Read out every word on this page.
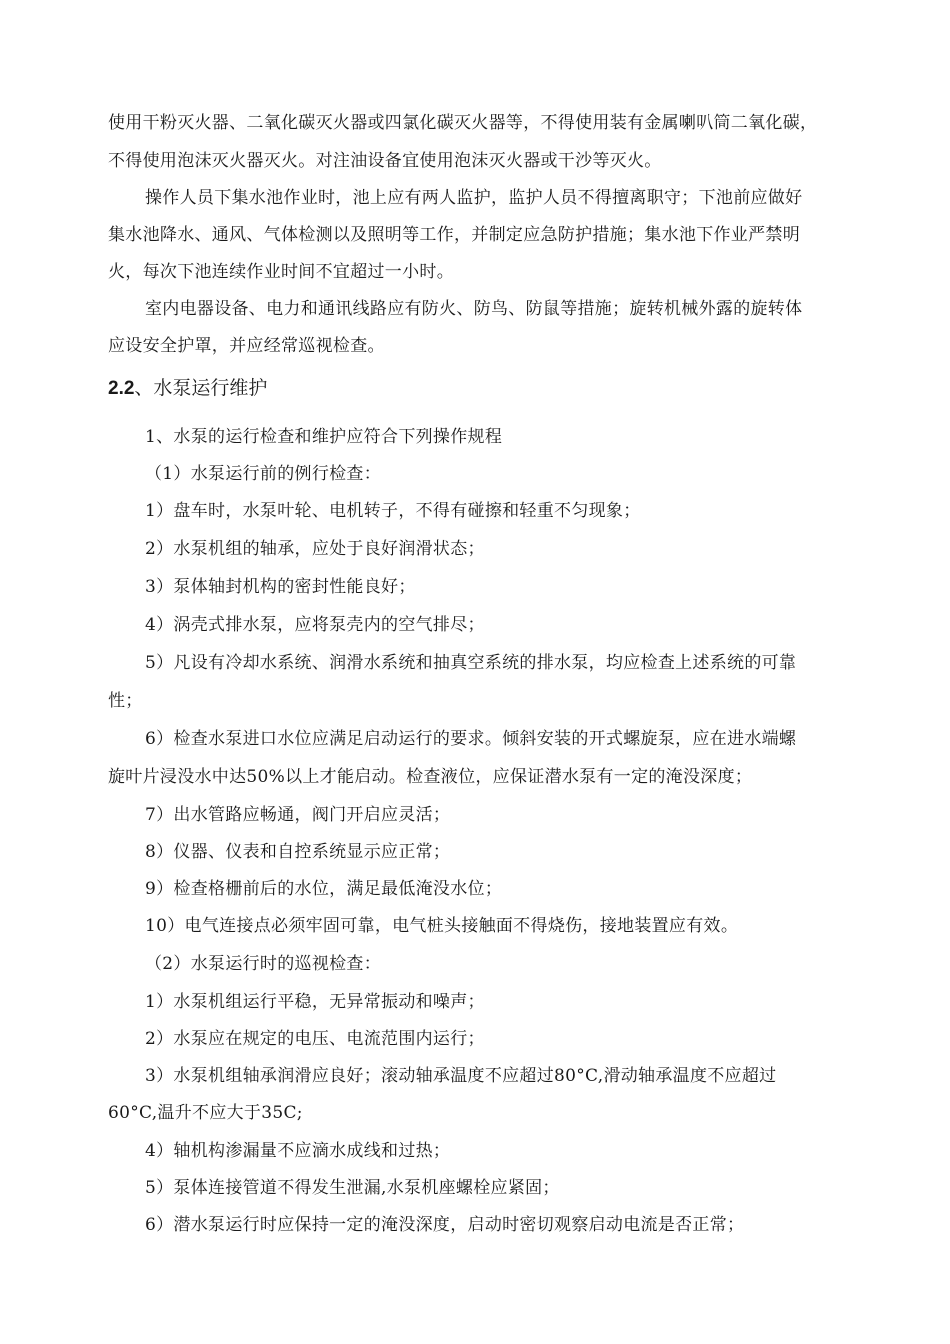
使用干粉灭火器、二氧化碳灭火器或四氯化碳灭火器等，不得使用装有金属喇叭筒二氧化碳，
不得使用泡沫灭火器灭火。对注油设备宜使用泡沫灭火器或干沙等灭火。
操作人员下集水池作业时，池上应有两人监护，监护人员不得擅离职守；下池前应做好
集水池降水、通风、气体检测以及照明等工作，并制定应急防护措施；集水池下作业严禁明
火，每次下池连续作业时间不宜超过一小时。
室内电器设备、电力和通讯线路应有防火、防鸟、防鼠等措施；旋转机械外露的旋转体
应设安全护罩，并应经常巡视检查。
2.2、水泵运行维护
1、水泵的运行检查和维护应符合下列操作规程
（1）水泵运行前的例行检查：
1）盘车时，水泵叶轮、电机转子，不得有碰擦和轻重不匀现象；
2）水泵机组的轴承，应处于良好润滑状态；
3）泵体轴封机构的密封性能良好；
4）涡壳式排水泵，应将泵壳内的空气排尽；
5）凡设有冷却水系统、润滑水系统和抽真空系统的排水泵，均应检查上述系统的可靠
性；
6）检查水泵进口水位应满足启动运行的要求。倾斜安装的开式螺旋泵，应在进水端螺
旋叶片浸没水中达50%以上才能启动。检查液位，应保证潜水泵有一定的淹没深度；
7）出水管路应畅通，阀门开启应灵活；
8）仪器、仪表和自控系统显示应正常；
9）检查格栅前后的水位，满足最低淹没水位；
10）电气连接点必须牢固可靠，电气桩头接触面不得烧伤，接地装置应有效。
（2）水泵运行时的巡视检查：
1）水泵机组运行平稳，无异常振动和噪声；
2）水泵应在规定的电压、电流范围内运行；
3）水泵机组轴承润滑应良好；滚动轴承温度不应超过80°C,滑动轴承温度不应超过
60°C,温升不应大于35C;
4）轴机构渗漏量不应滴水成线和过热；
5）泵体连接管道不得发生泄漏,水泵机座螺栓应紧固；
6）潜水泵运行时应保持一定的淹没深度，启动时密切观察启动电流是否正常；
